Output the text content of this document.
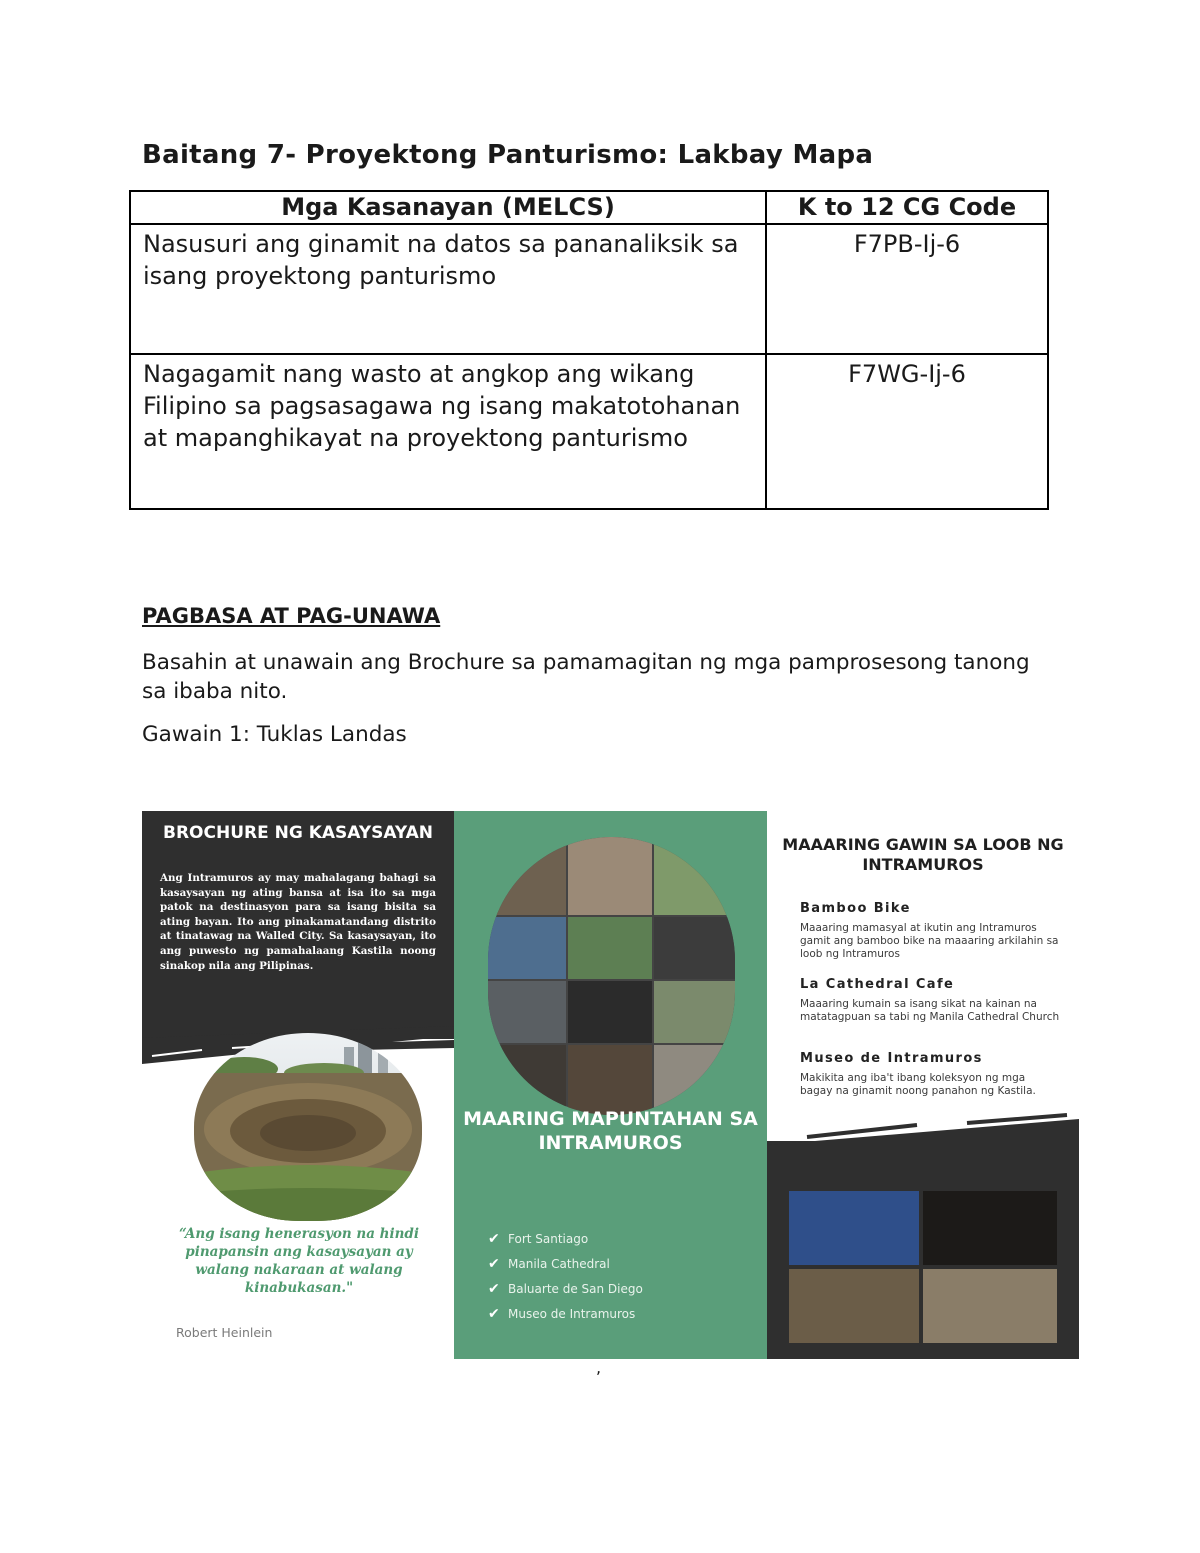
Baitang 7- Proyektong Panturismo: Lakbay Mapa
Mga Kasanayan (MELCS)	K to 12 CG Code
Nasusuri ang ginamit na datos sa pananaliksik sa isang proyektong panturismo	F7PB-Ij-6
Nagagamit nang wasto at angkop ang wikang Filipino sa pagsasagawa ng isang makatotohanan at mapanghikayat na proyektong panturismo	F7WG-Ij-6
PAGBASA AT PAG-UNAWA
Basahin at unawain ang Brochure sa pamamagitan ng mga pamprosesong tanong sa ibaba nito.
Gawain 1: Tuklas Landas
BROCHURE NG KASAYSAYAN
Ang Intramuros ay may mahalagang bahagi sa kasaysayan ng ating bansa at isa ito sa mga patok na destinasyon para sa isang bisita sa ating bayan. Ito ang pinakamatandang distrito at tinatawag na Walled City. Sa kasaysayan, ito ang puwesto ng pamahalaang Kastila noong sinakop nila ang Pilipinas.
“Ang isang henerasyon na hindi pinapansin ang kasaysayan ay walang nakaraan at walang kinabukasan."
Robert Heinlein
MAARING MAPUNTAHAN SA INTRAMUROS
✔ Fort Santiago
✔ Manila Cathedral
✔ Baluarte de San Diego
✔ Museo de Intramuros
MAAARING GAWIN SA LOOB NG INTRAMUROS
Bamboo Bike
Maaaring mamasyal at ikutin ang Intramuros gamit ang bamboo bike na maaaring arkilahin sa loob ng Intramuros
La Cathedral Cafe
Maaaring kumain sa isang sikat na kainan na matatagpuan sa tabi ng Manila Cathedral Church
Museo de Intramuros
Makikita ang iba't ibang koleksyon ng mga bagay na ginamit noong panahon ng Kastila.
,
